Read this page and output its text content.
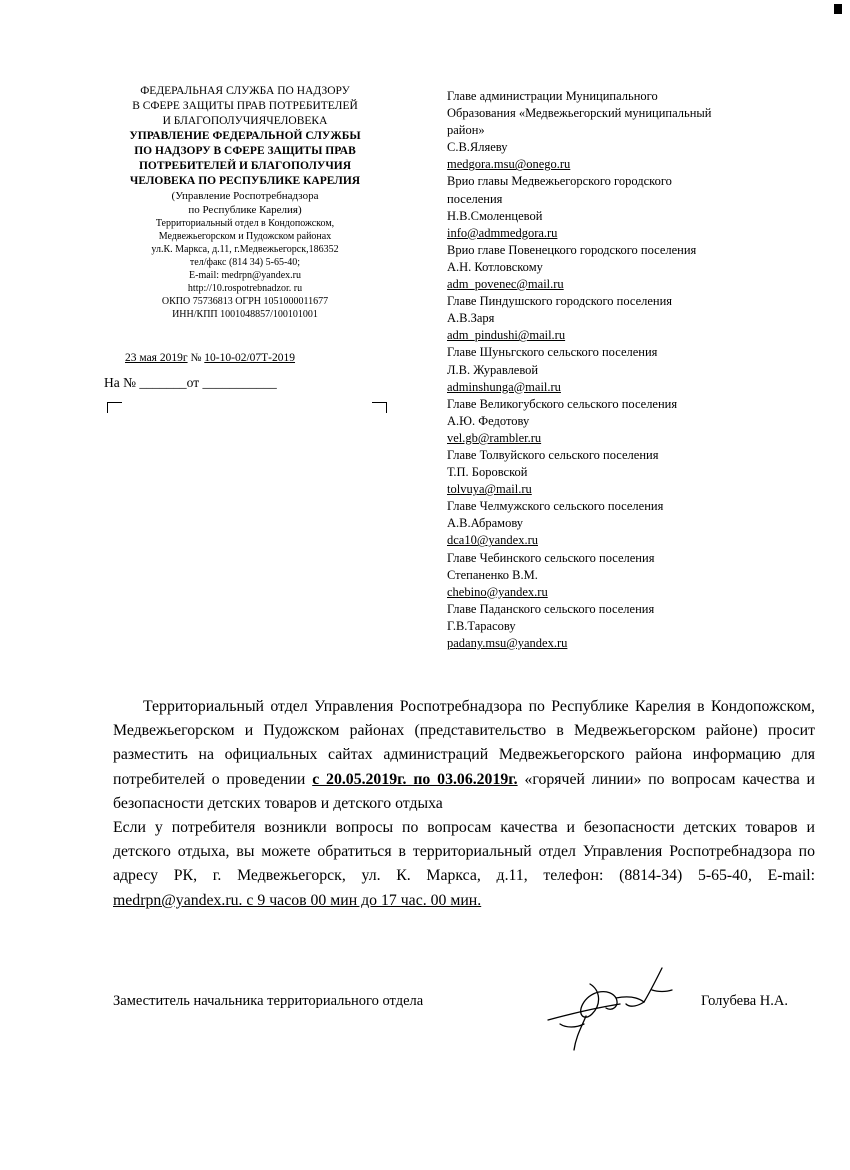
ФЕДЕРАЛЬНАЯ СЛУЖБА ПО НАДЗОРУ
В СФЕРЕ ЗАЩИТЫ ПРАВ ПОТРЕБИТЕЛЕЙ
И БЛАГОПОЛУЧИЯЧЕЛОВЕКА
УПРАВЛЕНИЕ ФЕДЕРАЛЬНОЙ СЛУЖБЫ
ПО НАДЗОРУ В СФЕРЕ ЗАЩИТЫ ПРАВ
ПОТРЕБИТЕЛЕЙ И БЛАГОПОЛУЧИЯ
ЧЕЛОВЕКА ПО РЕСПУБЛИКЕ КАРЕЛИЯ
(Управление Роспотребнадзора
по Республике Карелия)
Территориальный отдел в Кондопожском,
Медвежьегорском и Пудожском районах
ул.К. Маркса, д.11, г.Медвежьегорск,186352
тел/факс (814 34) 5-65-40;
E-mail: medrpn@yandex.ru
http://10.rospotrebnadzor. ru
ОКПО 75736813 ОГРН 1051000011677
ИНН/КПП 1001048857/100101001
23 мая 2019г № 10-10-02/07Т-2019
На № _______от ___________
Главе администрации Муниципального
Образования «Медвежьегорский муниципальный
район»
С.В.Яляеву
medgora.msu@onego.ru
Врио главы Медвежьегорского городского
поселения
Н.В.Смоленцевой
info@admmedgora.ru
Врио главе Повенецкого городского поселения
А.Н. Котловскому
adm_povenec@mail.ru
Главе Пиндушского городского поселения
А.В.Заря
adm_pindushi@mail.ru
Главе Шуньгского сельского поселения
Л.В. Журавлевой
adminshunga@mail.ru
Главе Великогубского сельского поселения
А.Ю. Федотову
vel.gb@rambler.ru
Главе Толвуйского сельского поселения
Т.П. Боровской
tolvuya@mail.ru
Главе Челмужского сельского поселения
А.В.Абрамову
dca10@yandex.ru
Главе Чебинского сельского поселения
Степаненко В.М.
chebino@yandex.ru
Главе Паданского сельского поселения
Г.В.Тарасову
padany.msu@yandex.ru

Территориальный отдел Управления Роспотребнадзора по Республике Карелия в Кондопожском, Медвежьегорском и Пудожском районах (представительство в Медвежьегорском районе) просит разместить на официальных сайтах администраций Медвежьегорского района информацию для потребителей о проведении с 20.05.2019г. по 03.06.2019г. «горячей линии» по вопросам качества и безопасности детских товаров и детского отдыха

Если у потребителя возникли вопросы по вопросам качества и безопасности детских товаров и детского отдыха, вы можете обратиться в территориальный отдел Управления Роспотребнадзора по адресу РК, г. Медвежьегорск, ул. К. Маркса, д.11, телефон: (8814-34) 5-65-40, E-mail: medrpn@yandex.ru. с 9 часов 00 мин до 17 час. 00 мин.

Заместитель начальника территориального отдела	Голубева Н.А.
